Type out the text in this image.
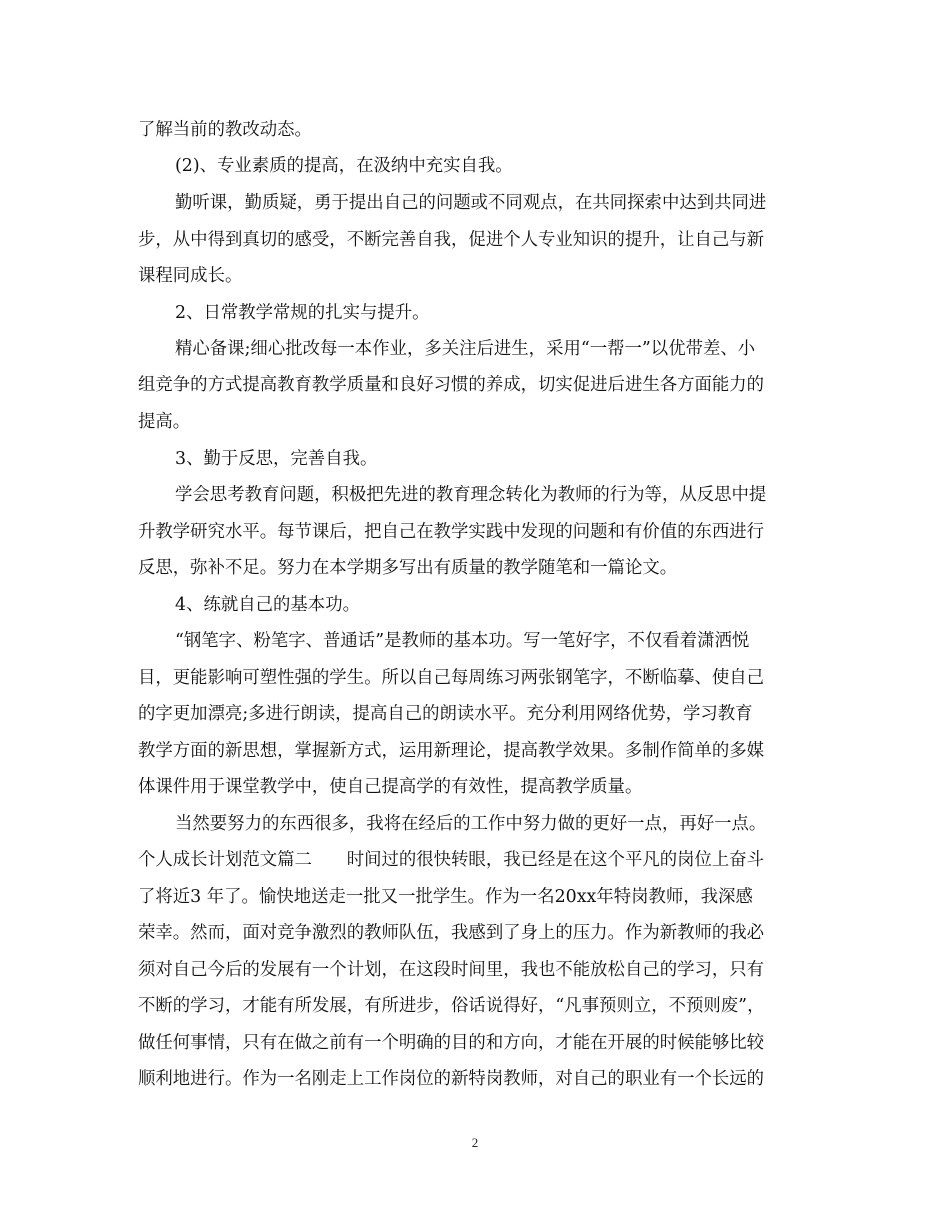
了解当前的教改动态。
(2)、专业素质的提高，在汲纳中充实自我。
勤听课，勤质疑，勇于提出自己的问题或不同观点，在共同探索中达到共同进
步，从中得到真切的感受，不断完善自我，促进个人专业知识的提升，让自己与新
课程同成长。
2、日常教学常规的扎实与提升。
精心备课;细心批改每一本作业，多关注后进生，采用“一帮一”以优带差、小
组竞争的方式提高教育教学质量和良好习惯的养成，切实促进后进生各方面能力的
提高。
3、勤于反思，完善自我。
学会思考教育问题，积极把先进的教育理念转化为教师的行为等，从反思中提
升教学研究水平。每节课后，把自己在教学实践中发现的问题和有价值的东西进行
反思，弥补不足。努力在本学期多写出有质量的教学随笔和一篇论文。
4、练就自己的基本功。
“钢笔字、粉笔字、普通话”是教师的基本功。写一笔好字，不仅看着潇洒悦
目，更能影响可塑性强的学生。所以自己每周练习两张钢笔字，不断临摹、使自己
的字更加漂亮;多进行朗读，提高自己的朗读水平。充分利用网络优势，学习教育
教学方面的新思想，掌握新方式，运用新理论，提高教学效果。多制作简单的多媒
体课件用于课堂教学中，使自己提高学的有效性，提高教学质量。
当然要努力的东西很多，我将在经后的工作中努力做的更好一点，再好一点。
个人成长计划范文篇二　　时间过的很快转眼，我已经是在这个平凡的岗位上奋斗
了将近3 年了。愉快地送走一批又一批学生。作为一名20xx年特岗教师，我深感
荣幸。然而，面对竞争激烈的教师队伍，我感到了身上的压力。作为新教师的我必
须对自己今后的发展有一个计划，在这段时间里，我也不能放松自己的学习，只有
不断的学习，才能有所发展，有所进步，俗话说得好，“凡事预则立，不预则废”，
做任何事情，只有在做之前有一个明确的目的和方向，才能在开展的时候能够比较
顺利地进行。作为一名刚走上工作岗位的新特岗教师，对自己的职业有一个长远的
2
